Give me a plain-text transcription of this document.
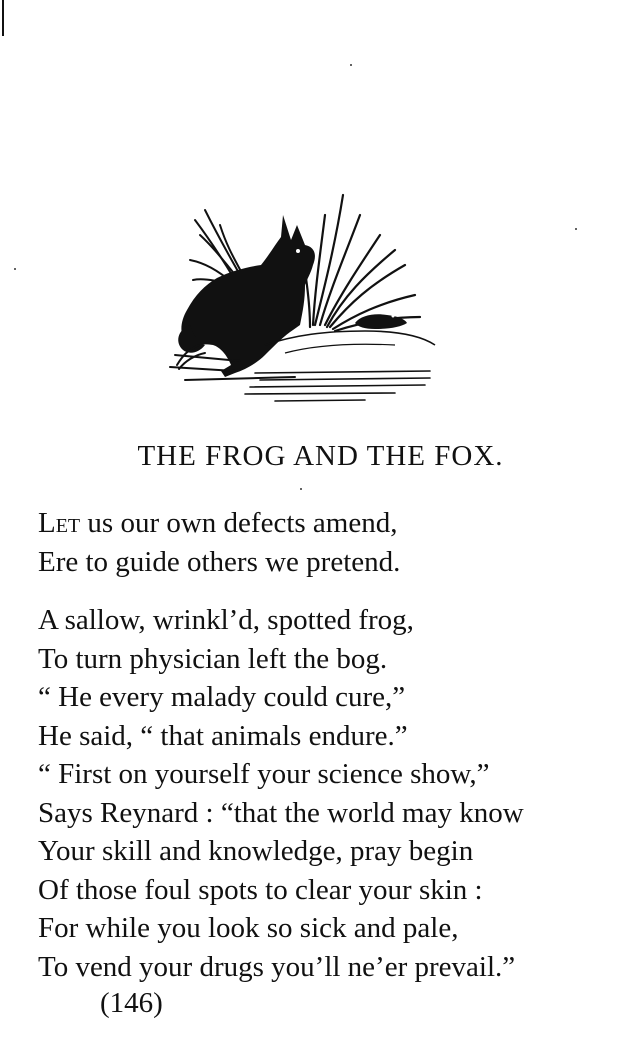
THE FROG AND THE FOX.
Let us our own defects amend,
Ere to guide others we pretend.
A sallow, wrinkl’d, spotted frog,
To turn physician left the bog.
“ He every malady could cure,”
He said, “ that animals endure.”
“ First on yourself your science show,”
Says Reynard : “that the world may know
Your skill and knowledge, pray begin
Of those foul spots to clear your skin :
For while you look so sick and pale,
To vend your drugs you’ll ne’er prevail.”
(146)
